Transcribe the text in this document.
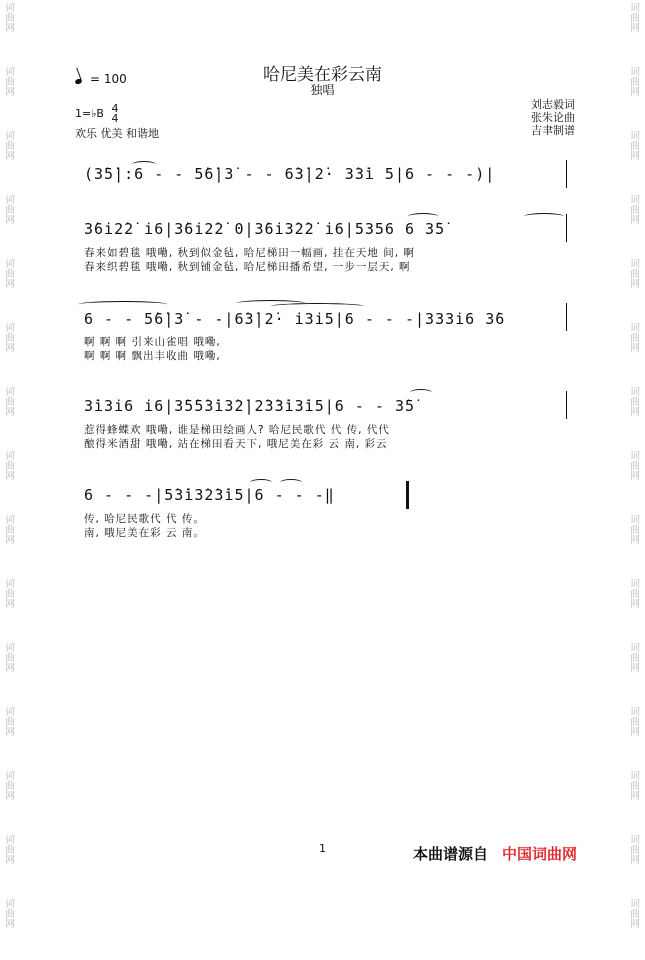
词
曲
网
词
曲
网
词
曲
网
词
曲
网
词
曲
网
词
曲
网
词
曲
网
词
曲
网
词
曲
网
词
曲
网
词
曲
网
词
曲
网
词
曲
网
词
曲
网
词
曲
网
词
曲
网
词
曲
网
词
曲
网
词
曲
网
词
曲
网
词
曲
网
词
曲
网
词
曲
网
词
曲
网
词
曲
网
词
曲
网
词
曲
网
词
曲
网
词
曲
网
词
曲
网
哈尼美在彩云南
独唱
= 100
1=♭B 4
4
欢乐 优美 和谐地
刘志毅词
张朱论曲
吉聿制谱
(3̇5̇|:6 - - 5̇6̇|3̇ - - 6̇3̇|2̇· 3̇3̇i 5|6 - - -)|
3̇6i2̇2̇ i6|3̇6i2̇2̇ 0|3̇6i3̇2̇2̇ i6|5356 6 3̇5̇
春来如碧毯 哦嘞, 秋到似金毡, 哈尼梯田一幅画, 挂在天地 间, 啊
春来织碧毯 哦嘞, 秋到铺金毡, 哈尼梯田播希望, 一步一层天, 啊
6 - - 5̇6̇|3̇ - -|6̇3̇|2̇· i3i5|6 - - -|333i6 3̇6
啊 啊 啊 引来山雀唱 哦嘞,
啊 啊 啊 飘出丰收曲 哦嘞,
3̇i3i6 i6|3̇5̇5̇3̇i3̇2̇|2̇3̇3̇i3̇i5|6 - - 3̇5̇
惹得蜂蝶欢 哦嘞, 谁是梯田绘画人? 哈尼民歌代 代 传, 代代
酿得米酒甜 哦嘞, 站在梯田看天下, 哦尼美在彩 云 南, 彩云
6 - - -|5̇3̇i3̇2̇3̇i5|6 - - -‖
传, 哈尼民歌代 代 传。
南, 哦尼美在彩 云 南。
1	本曲谱源自 中国词曲网
